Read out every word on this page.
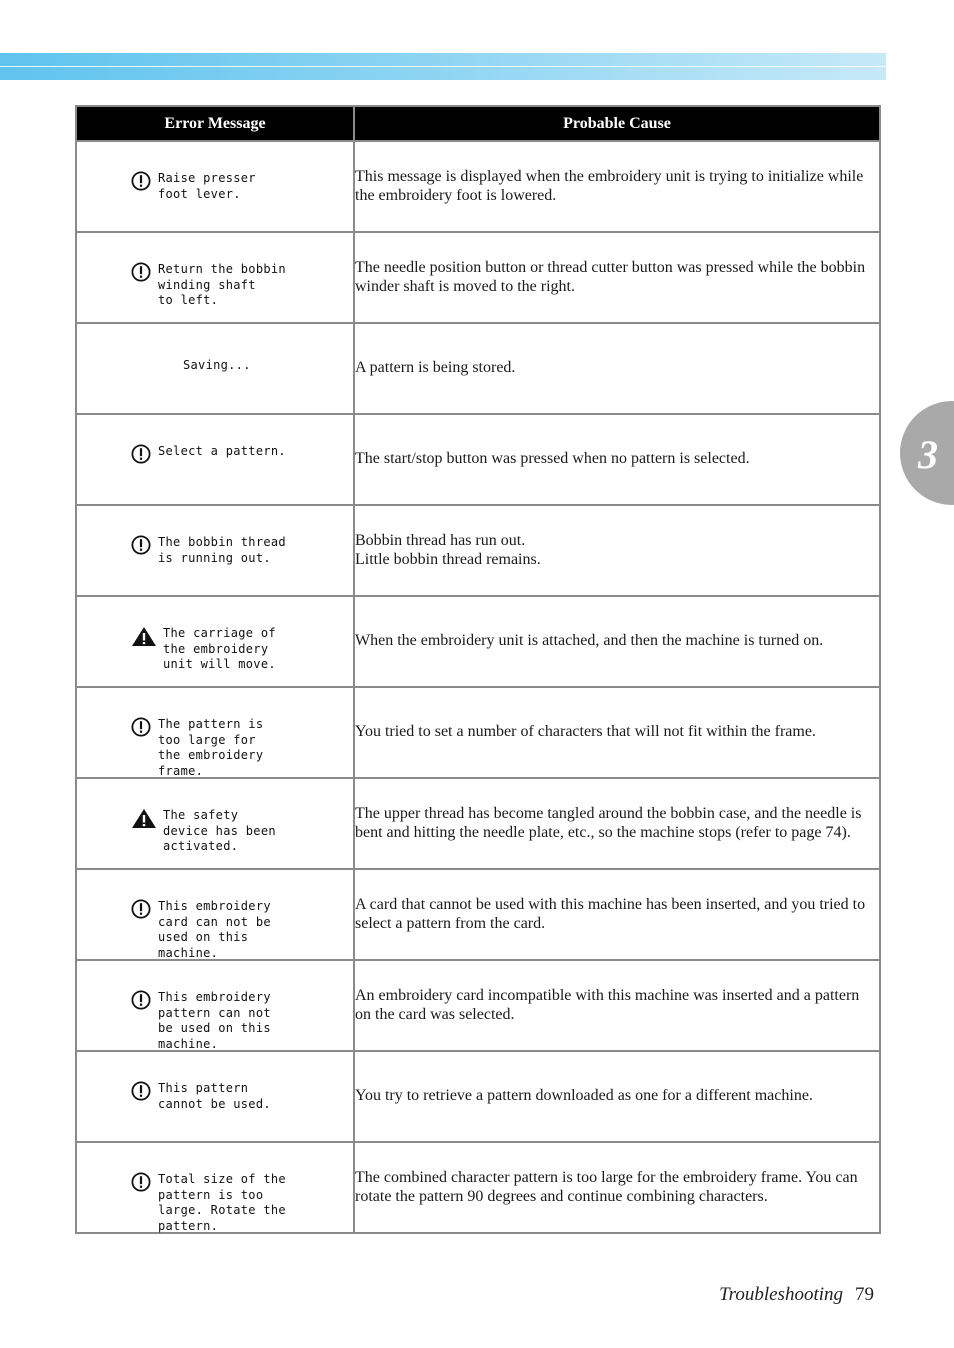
3
Error Message	Probable Cause

Raise presser
foot lever.	This message is displayed when the embroidery unit is trying to initialize while the embroidery foot is lowered.

Return the bobbin
winding shaft
to left.	The needle position button or thread cutter button was pressed while the bobbin winder shaft is moved to the right.

Saving...	A pattern is being stored.

Select a pattern.	The start/stop button was pressed when no pattern is selected.

The bobbin thread
is running out.	Bobbin thread has run out.
Little bobbin thread remains.

The carriage of
the embroidery
unit will move.	When the embroidery unit is attached, and then the machine is turned on.

The pattern is
too large for
the embroidery
frame.	You tried to set a number of characters that will not fit within the frame.

The safety
device has been
activated.	The upper thread has become tangled around the bobbin case, and the needle is bent and hitting the needle plate, etc., so the machine stops (refer to page 74).

This embroidery
card can not be
used on this
machine.	A card that cannot be used with this machine has been inserted, and you tried to select a pattern from the card.

This embroidery
pattern can not
be used on this
machine.	An embroidery card incompatible with this machine was inserted and a pattern on the card was selected.

This pattern
cannot be used.	You try to retrieve a pattern downloaded as one for a different machine.

Total size of the
pattern is too
large. Rotate the
pattern.	The combined character pattern is too large for the embroidery frame. You can rotate the pattern 90 degrees and continue combining characters.
Troubleshooting 79
